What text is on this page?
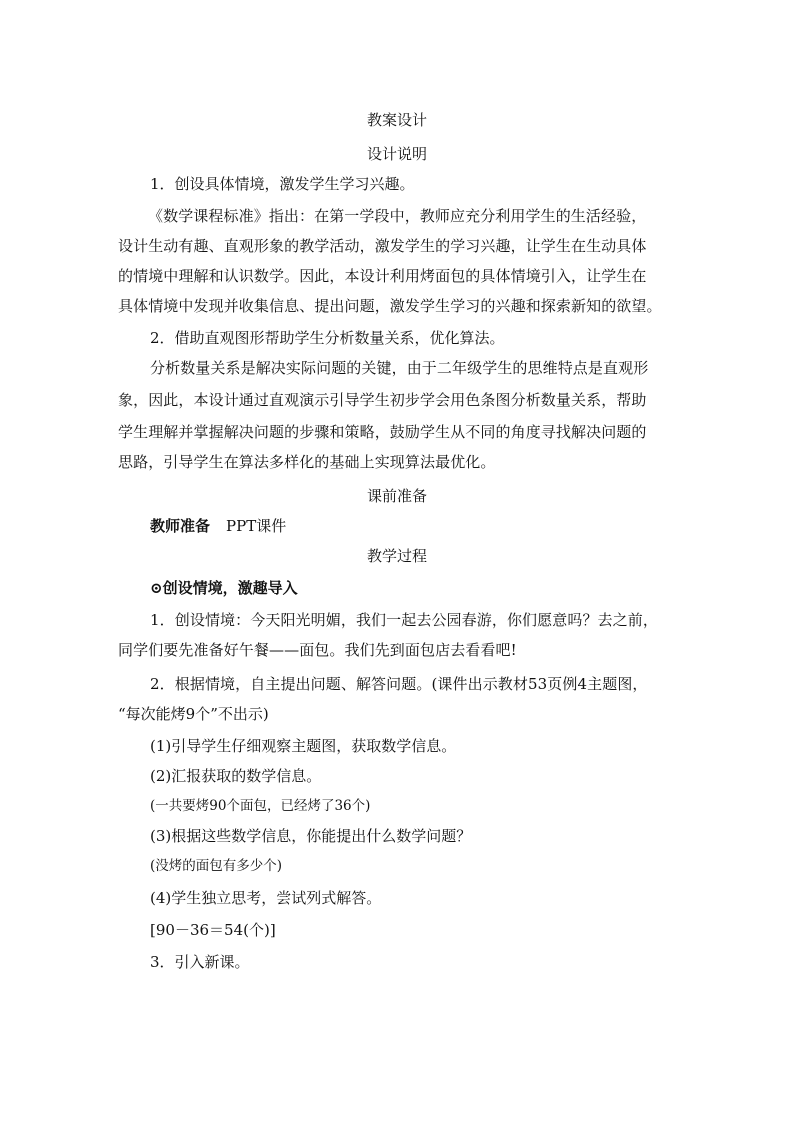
教案设计
设计说明
1．创设具体情境，激发学生学习兴趣。
《数学课程标准》指出：在第一学段中，教师应充分利用学生的生活经验，
设计生动有趣、直观形象的教学活动，激发学生的学习兴趣，让学生在生动具体
的情境中理解和认识数学。因此，本设计利用烤面包的具体情境引入，让学生在
具体情境中发现并收集信息、提出问题，激发学生学习的兴趣和探索新知的欲望。
2．借助直观图形帮助学生分析数量关系，优化算法。
分析数量关系是解决实际问题的关键，由于二年级学生的思维特点是直观形
象，因此，本设计通过直观演示引导学生初步学会用色条图分析数量关系，帮助
学生理解并掌握解决问题的步骤和策略，鼓励学生从不同的角度寻找解决问题的
思路，引导学生在算法多样化的基础上实现算法最优化。
课前准备
教师准备 PPT课件
教学过程
⊙创设情境，激趣导入
1．创设情境：今天阳光明媚，我们一起去公园春游，你们愿意吗？去之前，
同学们要先准备好午餐——面包。我们先到面包店去看看吧!
2．根据情境，自主提出问题、解答问题。(课件出示教材53页例4主题图，
“每次能烤9个”不出示)
(1)引导学生仔细观察主题图，获取数学信息。
(2)汇报获取的数学信息。
(一共要烤90个面包，已经烤了36个)
(3)根据这些数学信息，你能提出什么数学问题？
(没烤的面包有多少个)
(4)学生独立思考，尝试列式解答。
[90－36＝54(个)]
3．引入新课。
